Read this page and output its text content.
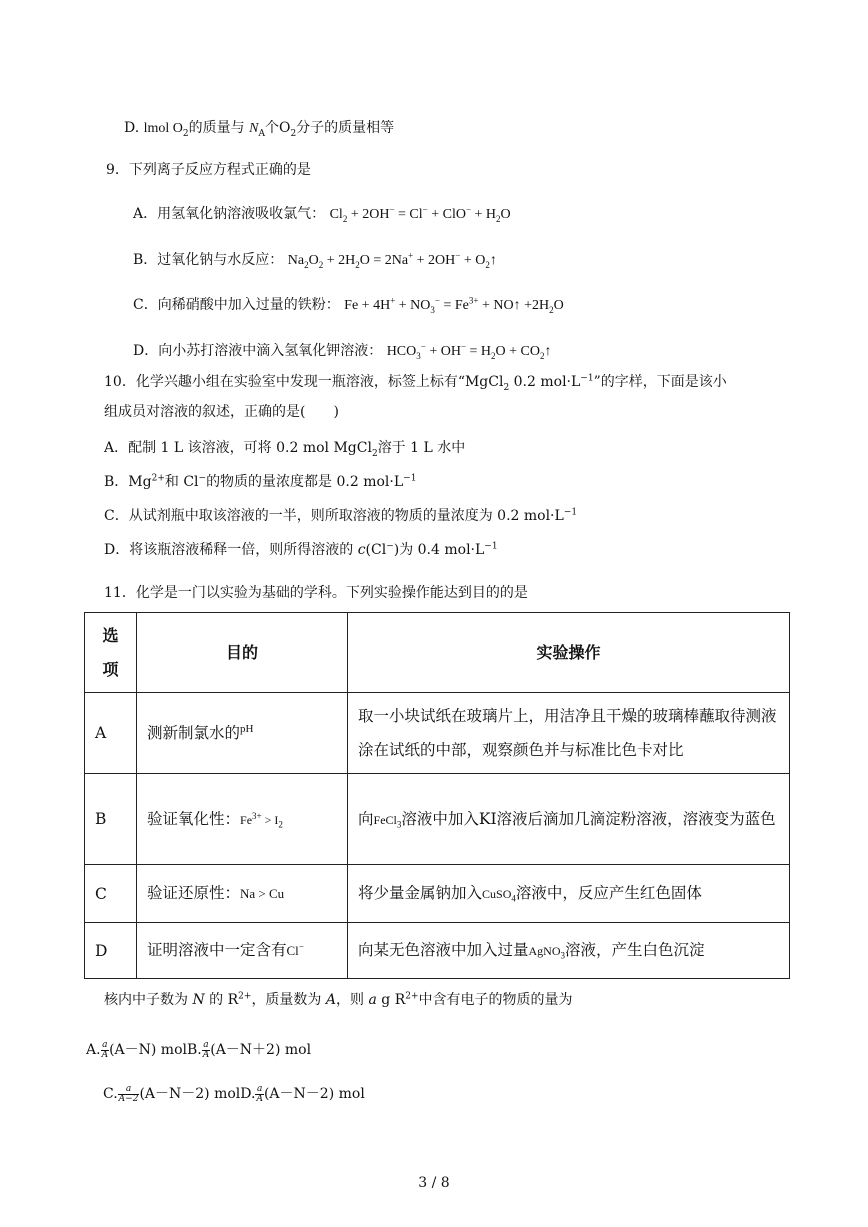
D. lmol $O_2$的质量与 $N_A$个$O_2$分子的质量相等
9．下列离子反应方程式正确的是
A．用氢氧化钠溶液吸收氯气： $Cl_2 + 2OH^- = Cl^- + ClO^- + H_2O$
B．过氧化钠与水反应： $Na_2O_2 + 2H_2O = 2Na^+ + 2OH^-$ + $O_2↑$
C．向稀硝酸中加入过量的铁粉： $Fe + 4H^+ + NO_3^- = Fe^{3+}$ + NO↑ $+2H_2O$
D．向小苏打溶液中滴入氢氧化钾溶液： $HCO_3^- + OH^- = H_2O$ + $CO_2↑$
10．化学兴趣小组在实验室中发现一瓶溶液，标签上标有“MgCl$_2$ 0.2 $mol\cdot L^{-1}$”的字样，下面是该小
组成员对溶液的叙述，正确的是(　　)
A．配制 1 L 该溶液，可将 0.2 mol MgCl$_2$溶于 1 L 水中
B．$Mg^{2+}$和 Cl−的物质的量浓度都是 0.2 $mol\cdot L^{-1}$
C．从试剂瓶中取该溶液的一半，则所取溶液的物质的量浓度为 0.2 $mol\cdot L^{-1}$
D．将该瓶溶液稀释一倍，则所得溶液的 c(Cl−)为 0.4 $mol\cdot L^{-1}$
11．化学是一门以实验为基础的学科。下列实验操作能达到目的的是
选
项	目的	实验操作
A	测新制氯水的$^{pH}$	取一小块试纸在玻璃片上，用洁净且干燥的玻璃棒蘸取待测液涂在试纸的中部，观察颜色并与标准比色卡对比
B	验证氧化性：$Fe^{3+} > I_2$	向FeCl$_3$溶液中加入KI溶液后滴加几滴淀粉溶液，溶液变为蓝色
C	验证还原性：Na > Cu	将少量金属钠加入CuSO$_4$溶液中，反应产生红色固体
D	证明溶液中一定含有Cl−	向某无色溶液中加入过量AgNO$_3$溶液，产生白色沉淀
核内中子数为 N 的 $R^{2+}$，质量数为 A，则 a g $R^{2+}$中含有电子的物质的量为
A. $\frac{a}{A} (A-N)$ molB. $\frac{a}{A} (A-N+2)$ mol
C. $\frac{a}{A-2} (A-N-2)$ molD. $\frac{a}{A} (A-N-2)$ mol
3 / 8
